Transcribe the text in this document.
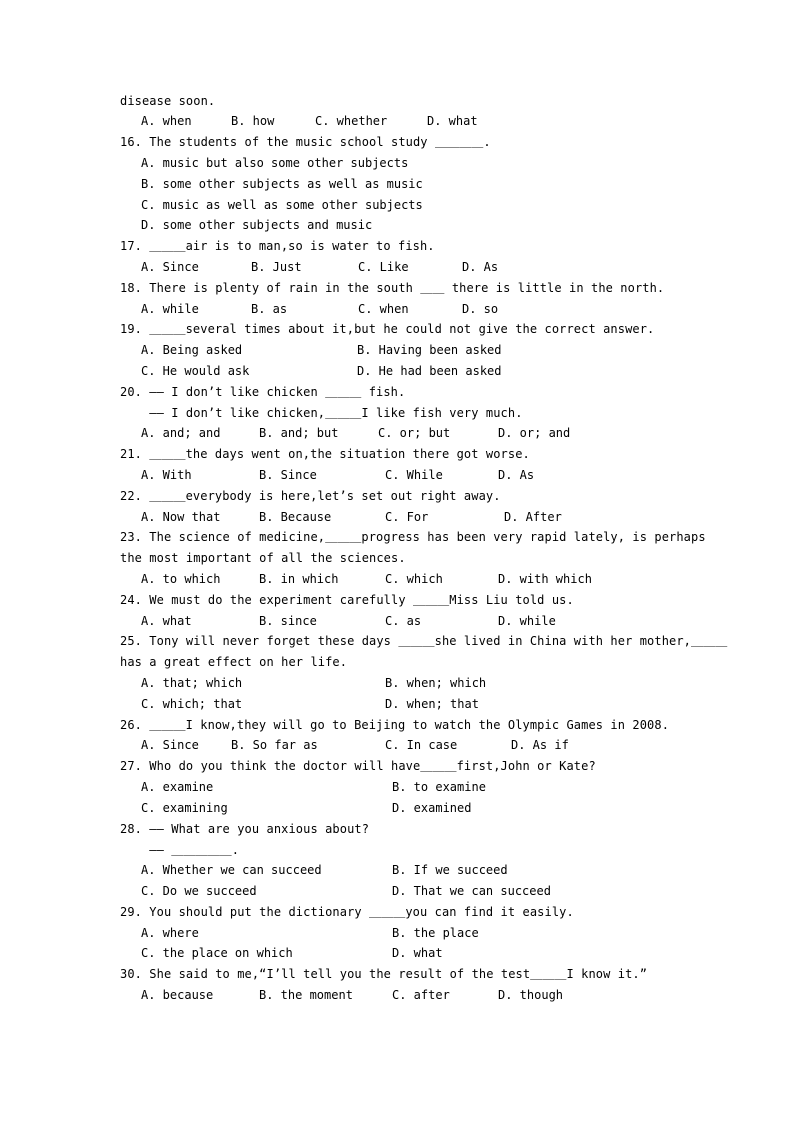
disease soon.
A. when	B. how	C. whether	D. what
16. The students of the music school study ＿＿＿＿.
A. music but also some other subjects
B. some other subjects as well as music
C. music as well as some other subjects
D. some other subjects and music
17. ＿＿＿air is to man,so is water to fish.
A. Since	B. Just	C. Like	D. As
18. There is plenty of rain in the south ＿＿ there is little in the north.
A. while	B. as	C. when	D. so
19. ＿＿＿several times about it,but he could not give the correct answer.
A. Being asked	B. Having been asked
C. He would ask	D. He had been asked
20. —— I don’t like chicken ＿＿＿ fish.
—— I don’t like chicken,＿＿＿I like fish very much.
A. and; and	B. and; but	C. or; but	D. or; and
21. ＿＿＿the days went on,the situation there got worse.
A. With	B. Since	C. While	D. As
22. ＿＿＿everybody is here,let’s set out right away.
A. Now that	B. Because	C. For	D. After
23. The science of medicine,＿＿＿progress has been very rapid lately, is perhaps
the most important of all the sciences.
A. to which	B. in which	C. which	D. with which
24. We must do the experiment carefully ＿＿＿Miss Liu told us.
A. what	B. since	C. as	D. while
25. Tony will never forget these days ＿＿＿she lived in China with her mother,＿＿＿
has a great effect on her life.
A. that; which	B. when; which
C. which; that	D. when; that
26. ＿＿＿I know,they will go to Beijing to watch the Olympic Games in 2008.
A. Since	B. So far as	C. In case	D. As if
27. Who do you think the doctor will have＿＿＿first,John or Kate?
A. examine	B. to examine
C. examining	D. examined
28. —— What are you anxious about?
—— ＿＿＿＿＿.
A. Whether we can succeed	B. If we succeed
C. Do we succeed	D. That we can succeed
29. You should put the dictionary ＿＿＿you can find it easily.
A. where	B. the place
C. the place on which	D. what
30. She said to me,“I’ll tell you the result of the test＿＿＿I know it.”
A. because	B. the moment	C. after	D. though
